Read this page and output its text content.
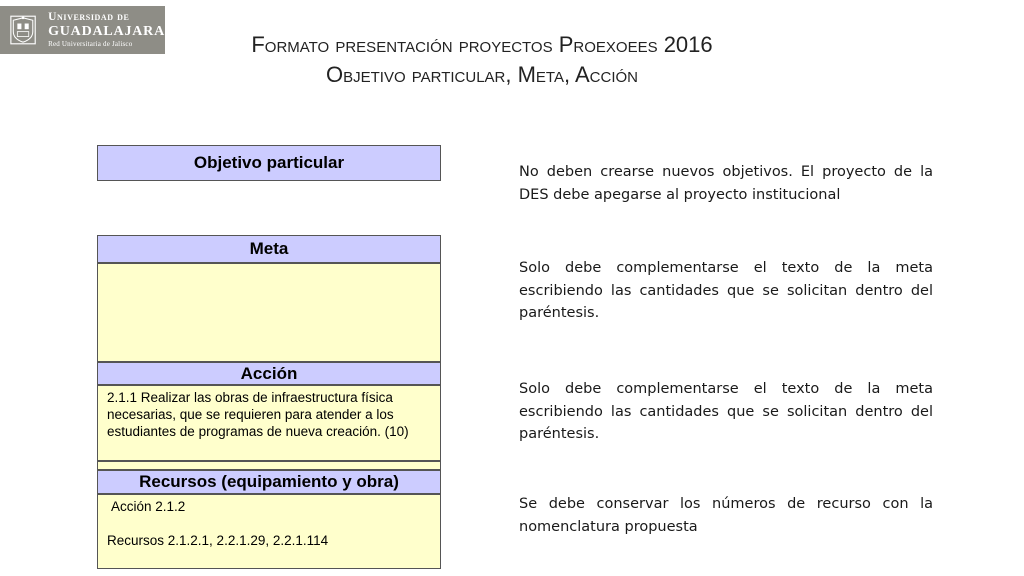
Universidad de
GUADALAJARA
Red Universitaria de Jalisco	Formato presentación proyectos Proexoees 2016
Objetivo particular, Meta, Acción
Objetivo particular
Meta
Acción

2.1.1 Realizar las obras de infraestructura física necesarias, que se requieren para atender a los estudiantes de programas de nueva creación. (10)

Recursos (equipamiento y obra)

Acción 2.1.2

Recursos 2.1.2.1, 2.2.1.29, 2.2.1.114

No deben crearse nuevos objetivos. El proyecto de la DES debe apegarse al proyecto institucional
Solo debe complementarse el texto de la meta escribiendo las cantidades que se solicitan dentro del paréntesis.
Solo debe complementarse el texto de la meta escribiendo las cantidades que se solicitan dentro del paréntesis.
Se debe conservar los números de recurso con la nomenclatura propuesta
